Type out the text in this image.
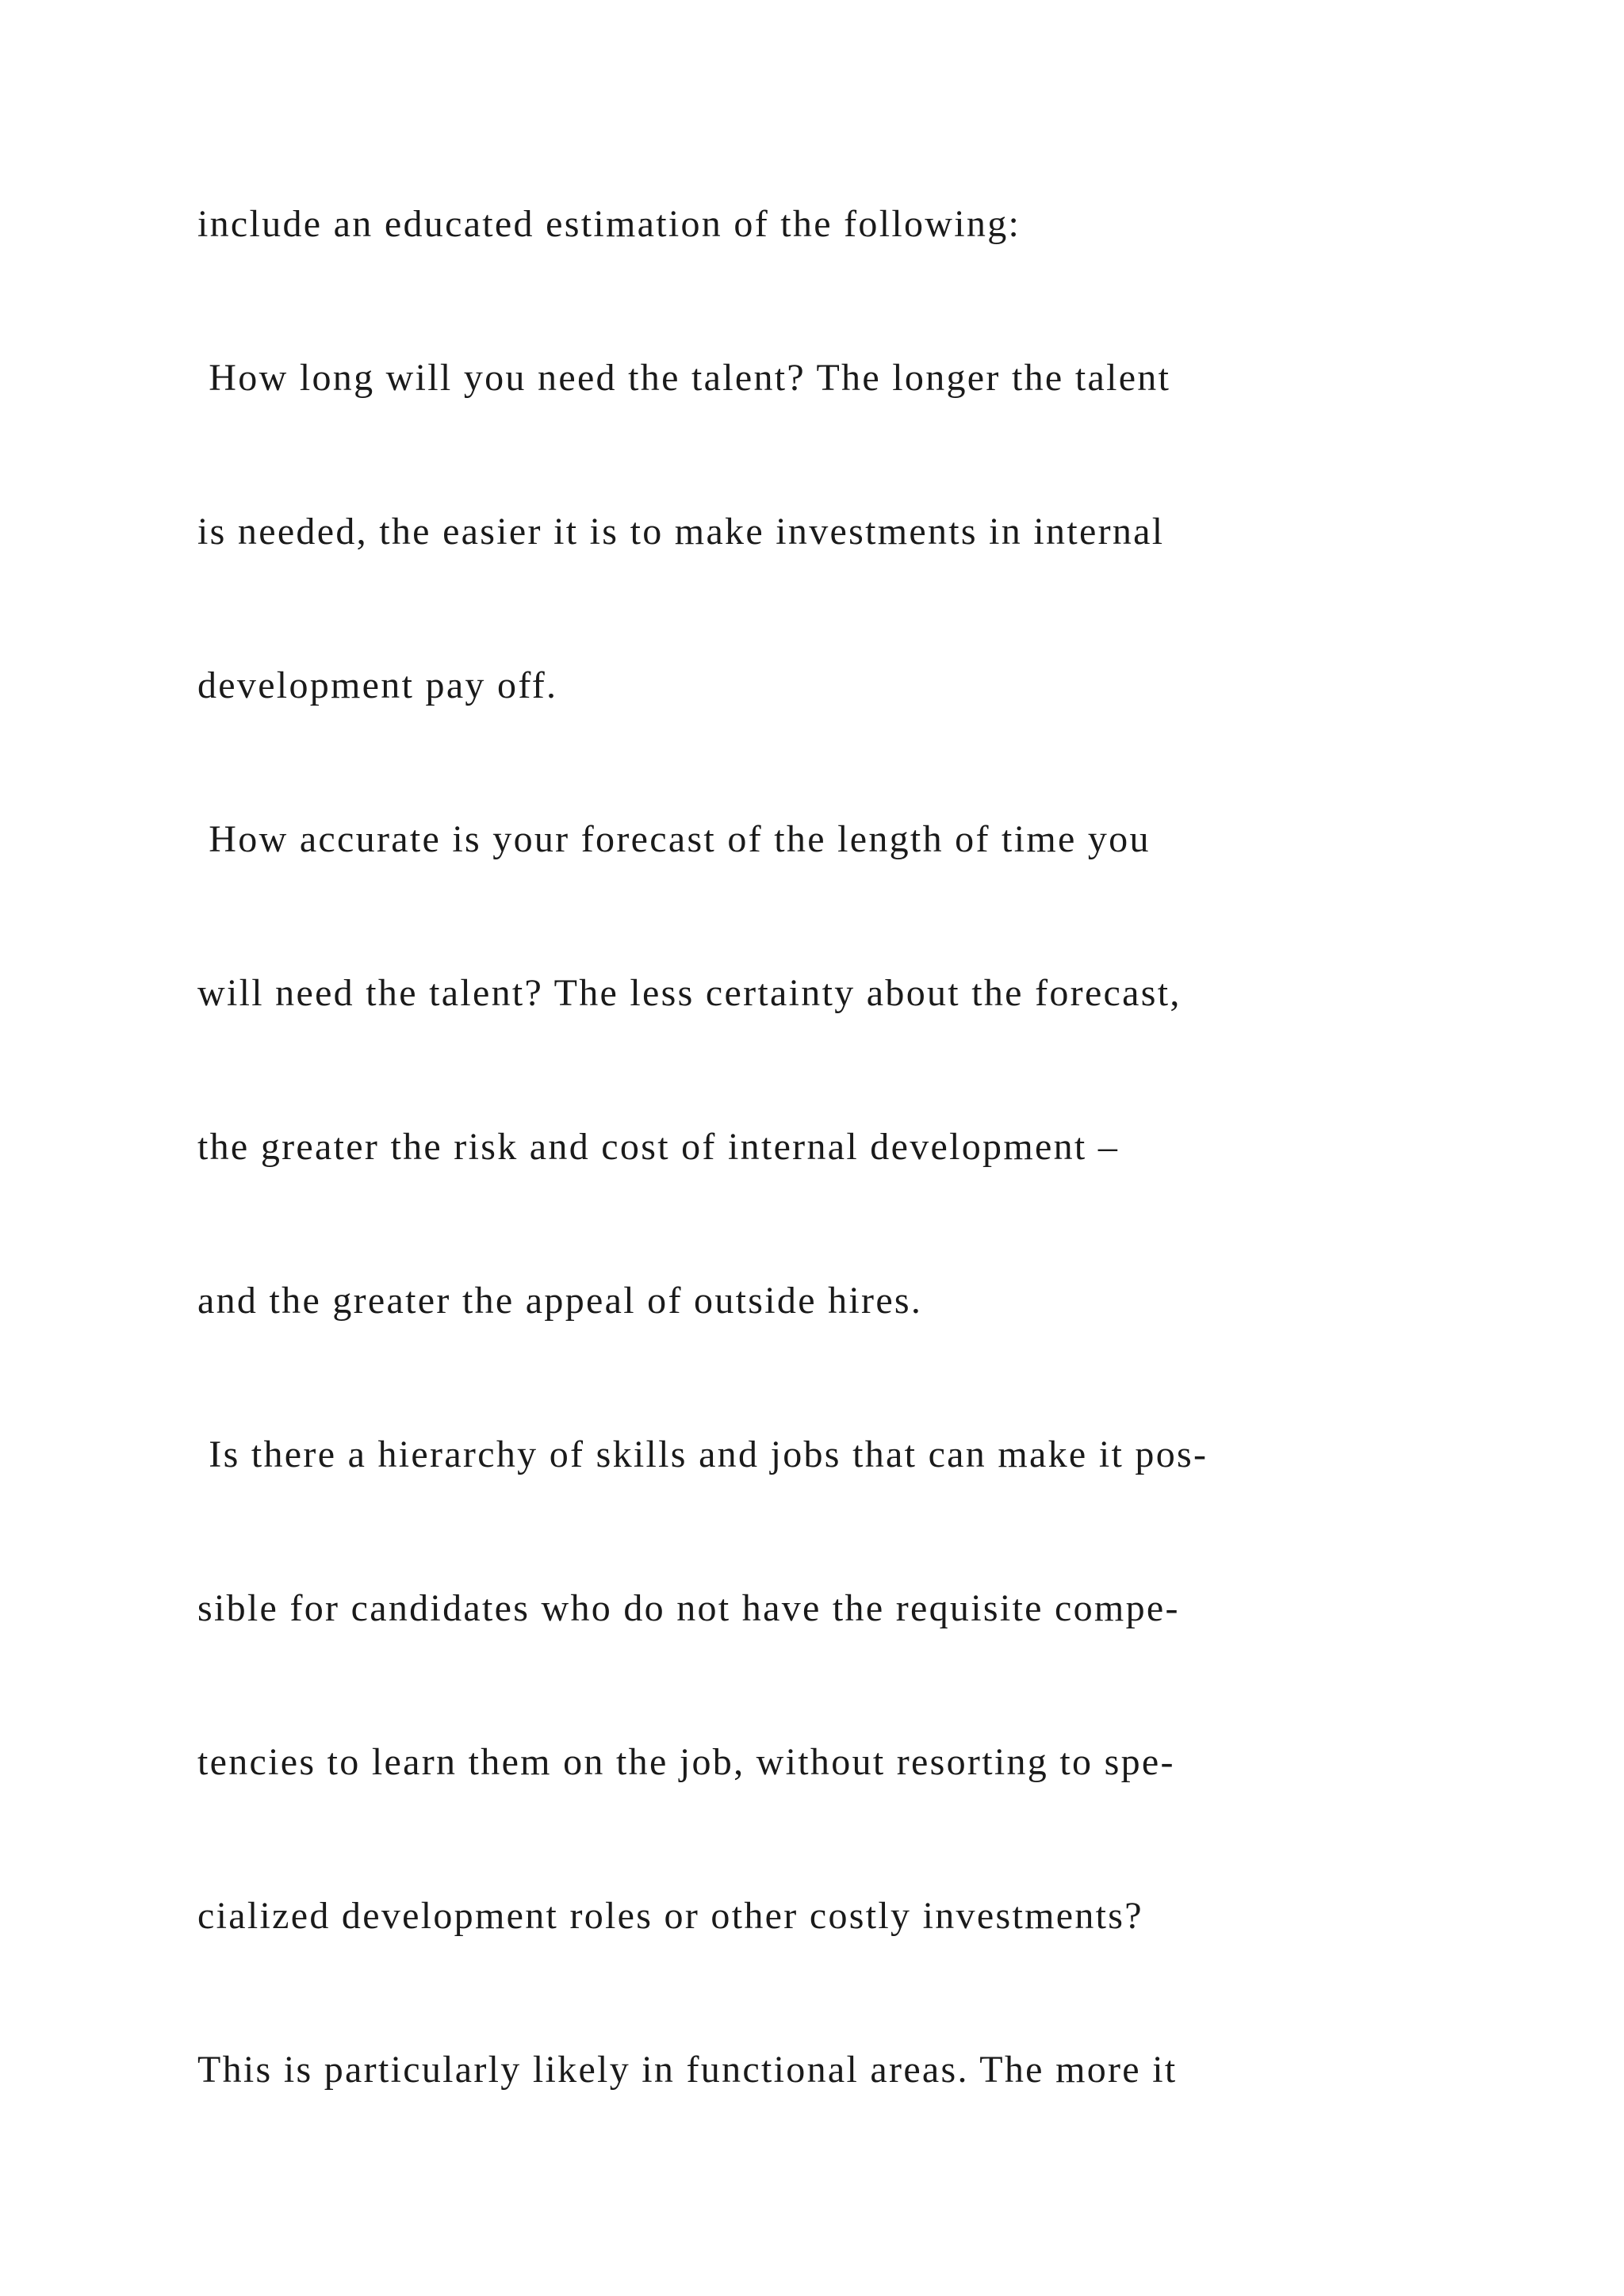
include an educated estimation of the following:
How long will you need the talent? The longer the talent
is needed, the easier it is to make investments in internal
development pay off.
How accurate is your forecast of the length of time you
will need the talent? The less certainty about the forecast,
the greater the risk and cost of internal development –
and the greater the appeal of outside hires.
Is there a hierarchy of skills and jobs that can make it pos-
sible for candidates who do not have the requisite compe-
tencies to learn them on the job, without resorting to spe-
cialized development roles or other costly investments?
This is particularly likely in functional areas. The more it
